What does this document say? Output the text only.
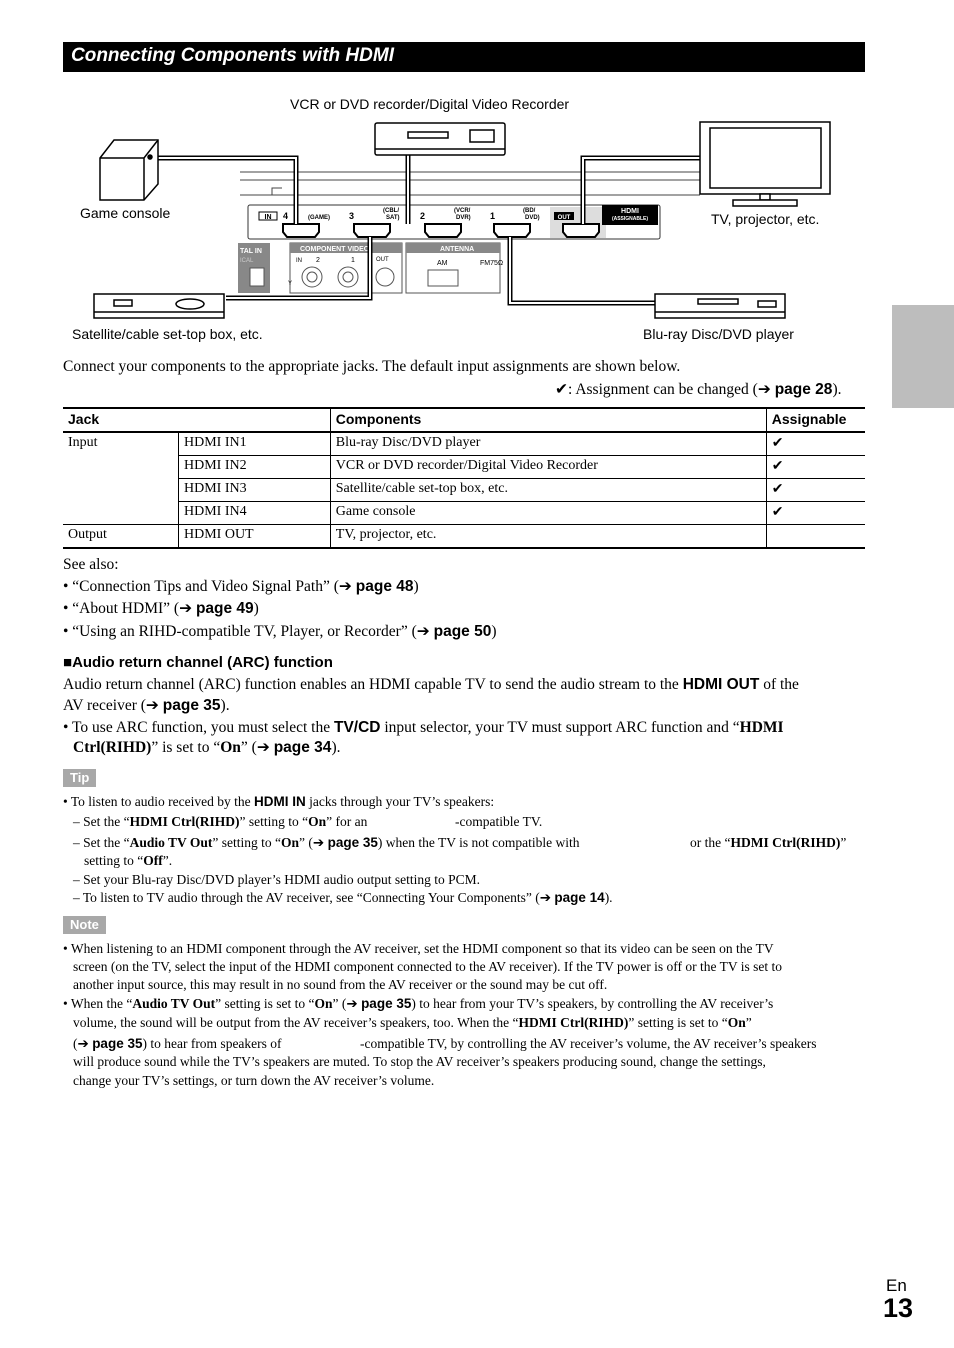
Connecting Components with HDMI
VCR or DVD recorder/Digital Video Recorder
Game console	TV, projector, etc.
Satellite/cable set-top box, etc.	Blu-ray Disc/DVD player
HDMI
(ASSIGNABLE)
IN 4	(GAME) 3	(CBL/
SAT) 2	(VCR/
DVR) 1	(BD/
DVD)	OUT
TAL IN
ICAL
COMPONENT VIDEO
IN 2	1	OUT
Y
ANTENNA
AM	FM75Ω
Connect your components to the appropriate jacks. The default input assignments are shown below.
✔: Assignment can be changed (➔ page 28).
Jack		Components	Assignable
Input	HDMI IN1	Blu-ray Disc/DVD player	✔
	HDMI IN2	VCR or DVD recorder/Digital Video Recorder	✔
	HDMI IN3	Satellite/cable set-top box, etc.	✔
	HDMI IN4	Game console	✔
Output	HDMI OUT	TV, projector, etc.	
See also:
• “Connection Tips and Video Signal Path” (➔ page 48)
• “About HDMI” (➔ page 49)
• “Using an RIHD-compatible TV, Player, or Recorder” (➔ page 50)
■Audio return channel (ARC) function
Audio return channel (ARC) function enables an HDMI capable TV to send the audio stream to the HDMI OUT of the
AV receiver (➔ page 35).
• To use ARC function, you must select the TV/CD input selector, your TV must support ARC function and “HDMI
Ctrl(RIHD)” is set to “On” (➔ page 34).
Tip
• To listen to audio received by the HDMI IN jacks through your TV’s speakers:
– Set the “HDMI Ctrl(RIHD)” setting to “On” for an	-compatible TV.
– Set the “Audio TV Out” setting to “On” (➔ page 35) when the TV is not compatible with	or the “HDMI Ctrl(RIHD)”
setting to “Off”.
– Set your Blu-ray Disc/DVD player’s HDMI audio output setting to PCM.
– To listen to TV audio through the AV receiver, see “Connecting Your Components” (➔ page 14).
Note
• When listening to an HDMI component through the AV receiver, set the HDMI component so that its video can be seen on the TV
screen (on the TV, select the input of the HDMI component connected to the AV receiver). If the TV power is off or the TV is set to
another input source, this may result in no sound from the AV receiver or the sound may be cut off.
• When the “Audio TV Out” setting is set to “On” (➔ page 35) to hear from your TV’s speakers, by controlling the AV receiver’s
volume, the sound will be output from the AV receiver’s speakers, too. When the “HDMI Ctrl(RIHD)” setting is set to “On”
(➔ page 35) to hear from speakers of	-compatible TV, by controlling the AV receiver’s volume, the AV receiver’s speakers
will produce sound while the TV’s speakers are muted. To stop the AV receiver’s speakers producing sound, change the settings,
change your TV’s settings, or turn down the AV receiver’s volume.
En
13
